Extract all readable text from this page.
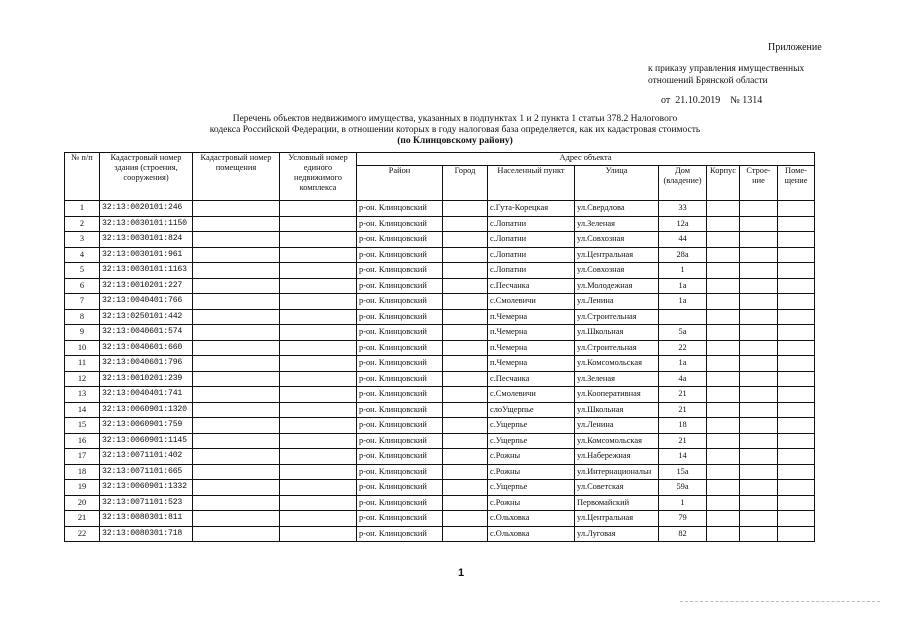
Приложение
к приказу управления имущественных
отношений Брянской области
от 21.10.2019 № 1314
Перечень объектов недвижимого имущества, указанных в подпунктах 1 и 2 пункта 1 статьи 378.2 Налогового
кодекса Российской Федерации, в отношении которых в году налоговая база определяется, как их кадастровая стоимость
(по Клинцовскому району)
№ п/п	Кадастровый номер здания (строения, сооружения)	Кадастровый номер помещения	Условный номер единого недвижимого комплекса	Адрес объекта							
				Район	Город	Населенный пункт	Улица	Дом (владение)	Корпус	Строе-ние	Поме-щение
1	32:13:0020101:246			р-он. Клинцовский		с.Гута-Корецкая	ул.Свердлова	33			
2	32:13:0030101:1150			р-он. Клинцовский		с.Лопатни	ул.Зеленая	12а			
3	32:13:0030101:824			р-он. Клинцовский		с.Лопатни	ул.Совхозная	44			
4	32:13:0030101:961			р-он. Клинцовский		с.Лопатни	ул.Центральная	28а			
5	32:13:0030101:1163			р-он. Клинцовский		с.Лопатни	ул.Совхозная	1			
6	32:13:0010201:227			р-он. Клинцовский		с.Песчанка	ул.Молодежная	1а			
7	32:13:0040401:766			р-он. Клинцовский		с.Смолевичи	ул.Ленина	1а			
8	32:13:0250101:442			р-он. Клинцовский		п.Чемерна	ул.Строительная				
9	32:13:0040601:574			р-он. Клинцовский		п.Чемерна	ул.Школьная	5а			
10	32:13:0040601:660			р-он. Клинцовский		п.Чемерна	ул.Строительная	22			
11	32:13:0040601:796			р-он. Клинцовский		п.Чемерна	ул.Комсомольская	1а			
12	32:13:0010201:239			р-он. Клинцовский		с.Песчанка	ул.Зеленая	4а			
13	32:13:0040401:741			р-он. Клинцовский		с.Смолевичи	ул.Кооперативная	21			
14	32:13:0060901:1320			р-он. Клинцовский		слоУщерпье	ул.Школьная	21			
15	32:13:0060901:759			р-он. Клинцовский		с.Ущерпье	ул.Ленина	18			
16	32:13:0060901:1145			р-он. Клинцовский		с.Ущерпье	ул.Комсомольская	21			
17	32:13:0071101:402			р-он. Клинцовский		с.Рожны	ул.Набережная	14			
18	32:13:0071101:665			р-он. Клинцовский		с.Рожны	ул.Интернациональн	15а			
19	32:13:0060901:1332			р-он. Клинцовский		с.Ущерпье	ул.Советская	59а			
20	32:13:0071101:523			р-он. Клинцовский		с.Рожны	Первомайский	1			
21	32:13:0080301:811			р-он. Клинцовский		с.Ольховка	ул.Центральная	79			
22	32:13:0080301:718			р-он. Клинцовский		с.Ольховка	ул.Луговая	82			
1
